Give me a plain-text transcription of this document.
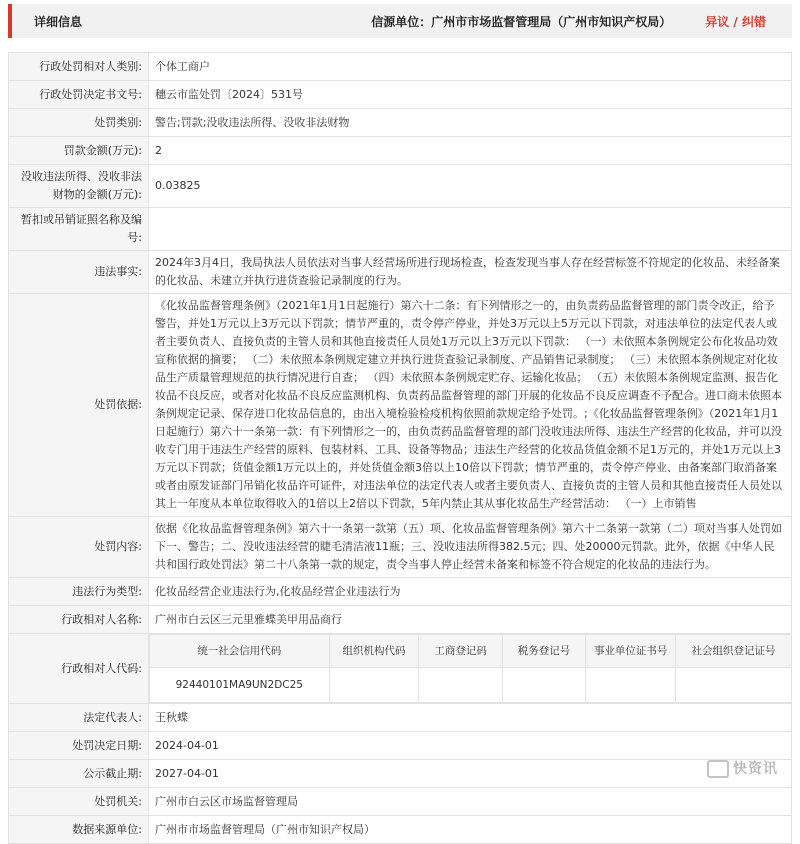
详细信息	信源单位：广州市市场监督管理局（广州市知识产权局）	异议 / 纠错
行政处罚相对人类别:	个体工商户
行政处罚决定书文号:	穗云市监处罚〔2024〕531号
处罚类别:	警告;罚款;没收违法所得、没收非法财物
罚款金额(万元):	2
没收违法所得、没收非法财物的金额(万元):	0.03825
暂扣或吊销证照名称及编号:	
违法事实:	2024年3月4日，我局执法人员依法对当事人经营场所进行现场检查，检查发现当事人存在经营标签不符规定的化妆品、未经备案的化妆品、未建立并执行进货查验记录制度的行为。
处罚依据:	《化妆品监督管理条例》（2021年1月1日起施行）第六十二条：有下列情形之一的，由负责药品监督管理的部门责令改正，给予警告，并处1万元以上3万元以下罚款；情节严重的，责令停产停业，并处3万元以上5万元以下罚款，对违法单位的法定代表人或者主要负责人、直接负责的主管人员和其他直接责任人员处1万元以上3万元以下罚款： （一）未依照本条例规定公布化妆品功效宣称依据的摘要； （二）未依照本条例规定建立并执行进货查验记录制度、产品销售记录制度； （三）未依照本条例规定对化妆品生产质量管理规范的执行情况进行自查； （四）未依照本条例规定贮存、运输化妆品； （五）未依照本条例规定监测、报告化妆品不良反应，或者对化妆品不良反应监测机构、负责药品监督管理的部门开展的化妆品不良反应调查不予配合。进口商未依照本条例规定记录、保存进口化妆品信息的，由出入境检验检疫机构依照前款规定给予处罚。;《化妆品监督管理条例》（2021年1月1日起施行）第六十一条第一款：有下列情形之一的，由负责药品监督管理的部门没收违法所得、违法生产经营的化妆品，并可以没收专门用于违法生产经营的原料、包装材料、工具、设备等物品；违法生产经营的化妆品货值金额不足1万元的，并处1万元以上3万元以下罚款；货值金额1万元以上的，并处货值金额3倍以上10倍以下罚款；情节严重的，责令停产停业、由备案部门取消备案或者由原发证部门吊销化妆品许可证件，对违法单位的法定代表人或者主要负责人、直接负责的主管人员和其他直接责任人员处以其上一年度从本单位取得收入的1倍以上2倍以下罚款，5年内禁止其从事化妆品生产经营活动： （一）上市销售
处罚内容:	依据《化妆品监督管理条例》第六十一条第一款第（五）项、化妆品监督管理条例》第六十二条第一款第（二）项对当事人处罚如下一、警告；二、没收违法经营的睫毛清洁液11瓶；三、没收违法所得382.5元；四、处20000元罚款。此外，依据《中华人民共和国行政处罚法》第二十八条第一款的规定，责令当事人停止经营未备案和标签不符合规定的化妆品的违法行为。
违法行为类型:	化妆品经营企业违法行为,化妆品经营企业违法行为
行政相对人名称:	广州市白云区三元里雅蝶美甲用品商行
行政相对人代码:	
统一社会信用代码	组织机构代码	工商登记码	税务登记号	事业单位证书号	社会组织登记证号
92440101MA9UN2DC25					

法定代表人:	王秋蝶
处罚决定日期:	2024-04-01
公示截止期:	2027-04-01
处罚机关:	广州市白云区市场监督管理局
数据来源单位:	广州市市场监督管理局（广州市知识产权局）	快资讯
